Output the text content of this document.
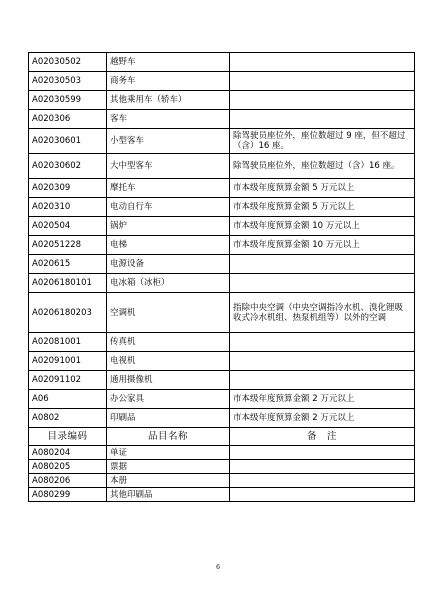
A02030502	越野车	
A02030503	商务车	
A02030599	其他乘用车（轿车）	
A020306	客车	
A02030601	小型客车	除驾驶员座位外，座位数超过 9 座，但不超过（含）16 座。
A02030602	大中型客车	除驾驶员座位外，座位数超过（含）16 座。
A020309	摩托车	市本级年度预算金额 5 万元以上
A020310	电动自行车	市本级年度预算金额 5 万元以上
A020504	锅炉	市本级年度预算金额 10 万元以上
A02051228	电梯	市本级年度预算金额 10 万元以上
A020615	电源设备	
A0206180101	电冰箱（冰柜）	
A0206180203	空调机	指除中央空调（中央空调指冷水机、溴化锂吸收式冷水机组、热泵机组等）以外的空调
A02081001	传真机	
A02091001	电视机	
A02091102	通用摄像机	
A06	办公家具	市本级年度预算金额 2 万元以上
A0802	印刷品	市本级年度预算金额 2 万元以上
目录编码	品目名称	备　注
A080204	单证	
A080205	票据	
A080206	本册	
A080299	其他印刷品	
6
